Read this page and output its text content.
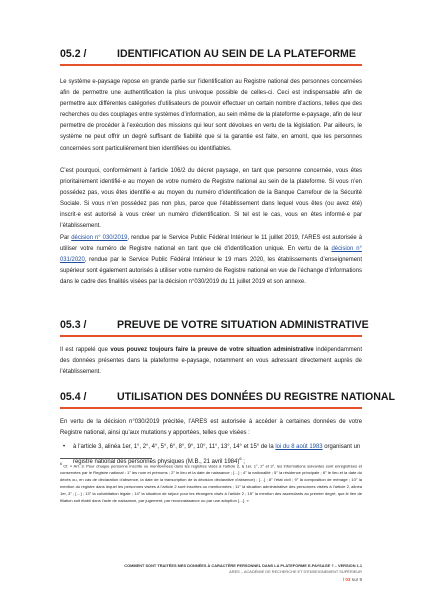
05.2 /	IDENTIFICATION AU SEIN DE LA PLATEFORME

Le système e-paysage repose en grande partie sur l’identification au Registre national des personnes concernées afin de permettre une authentification la plus univoque possible de celles-ci. Ceci est indispensable afin de permettre aux différentes catégories d’utilisateurs de pouvoir effectuer un certain nombre d’actions, telles que des recherches ou des couplages entre systèmes d’information, au sein même de la plateforme e-paysage, afin de leur permettre de procéder à l’exécution des missions qui leur sont dévolues en vertu de la législation. Par ailleurs, le système ne peut offrir un degré suffisant de fiabilité que si la garantie est faite, en amont, que les personnes concernées sont particulièrement bien identifiées ou identifiables.

C’est pourquoi, conformément à l’article 106/2 du décret paysage, en tant que personne concernée, vous êtes prioritairement identifié·e au moyen de votre numéro de Registre national au sein de la plateforme. Si vous n’en possédez pas, vous êtes identifié·e au moyen du numéro d’identification de la Banque Carrefour de la Sécurité Sociale. Si vous n’en possédez pas non plus, parce que l’établissement dans lequel vous êtes (ou avez été) inscrit·e est autorisé à vous créer un numéro d’identification. Si tel est le cas, vous en êtes informé·e par l’établissement.

Par décision n° 030/2019, rendue par le Service Public Fédéral Intérieur le 11 juillet 2019, l’ARES est autorisée à utiliser votre numéro de Registre national en tant que clé d’identification unique. En vertu de la décision n° 031/2020, rendue par le Service Public Fédéral Intérieur le 19 mars 2020, les établissements d’enseignement supérieur sont également autorisés à utiliser votre numéro de Registre national en vue de l’échange d’informations dans le cadre des finalités visées par la décision n°030/2019 du 11 juillet 2019 et son annexe.

05.3 /	PREUVE DE VOTRE SITUATION ADMINISTRATIVE

Il est rappelé que vous pouvez toujours faire la preuve de votre situation administrative indépendamment des données présentes dans la plateforme e-paysage, notamment en vous adressant directement auprès de l’établissement.

05.4 /	UTILISATION DES DONNÉES DU REGISTRE NATIONAL

En vertu de la décision n°030/2019 précitée, l’ARES est autorisée à accéder à certaines données de votre Registre national, ainsi qu’aux mutations y apportées, telles que visées :

• à l’article 3, alinéa 1er, 1°, 2°, 4°, 5°, 6°, 8°, 9°, 10°, 11°, 13°, 14° et 15° de la loi du 8 août 1983 organisant un registre national des personnes physiques (M.B., 21 avril 1984)$^6$ ;

$^6$ Cf. « Art. 3. Pour chaque personne inscrite ou mentionnées dans les registres visés à l’article 2, § 1er, 1°, 2° et 3°, les informations suivantes sont enregistrées et conservées par le Registre national : 1° les nom et prénoms ; 2° le lieu et la date de naissance ; […] ; 4° la nationalité ; 5° la résidence principale ; 6° le lieu et la date du décès ou, en cas de déclaration d’absence, la date de la transcription de la décision déclarative d’absence) ; […] ; 8° l’état civil ; 9° la composition de ménage ; 10° la mention du registre dans lequel les personnes visées à l’article 2 sont inscrites ou mentionnées ; 11° la situation administrative des personnes visées à l’article 2, alinéa 1er, 3° ; […] ; 13° la cohabitation légale ; 14° la situation de séjour pour les étrangers visés à l’article 2 ; 15° la mention des ascendants au premier degré, que le lien de filiation soit établi dans l’acte de naissance, par jugement, par reconnaissance ou par une adoption […]. »

COMMENT SONT TRAITÉES MES DONNÉES À CARACTÈRE PERSONNEL DANS LA PLATEFORME E-PAYSAGE ? – VERSION 1.1
ARES – ACADÉMIE DE RECHERCHE ET D’ENSEIGNEMENT SUPÉRIEUR
/ 03 sur 9
